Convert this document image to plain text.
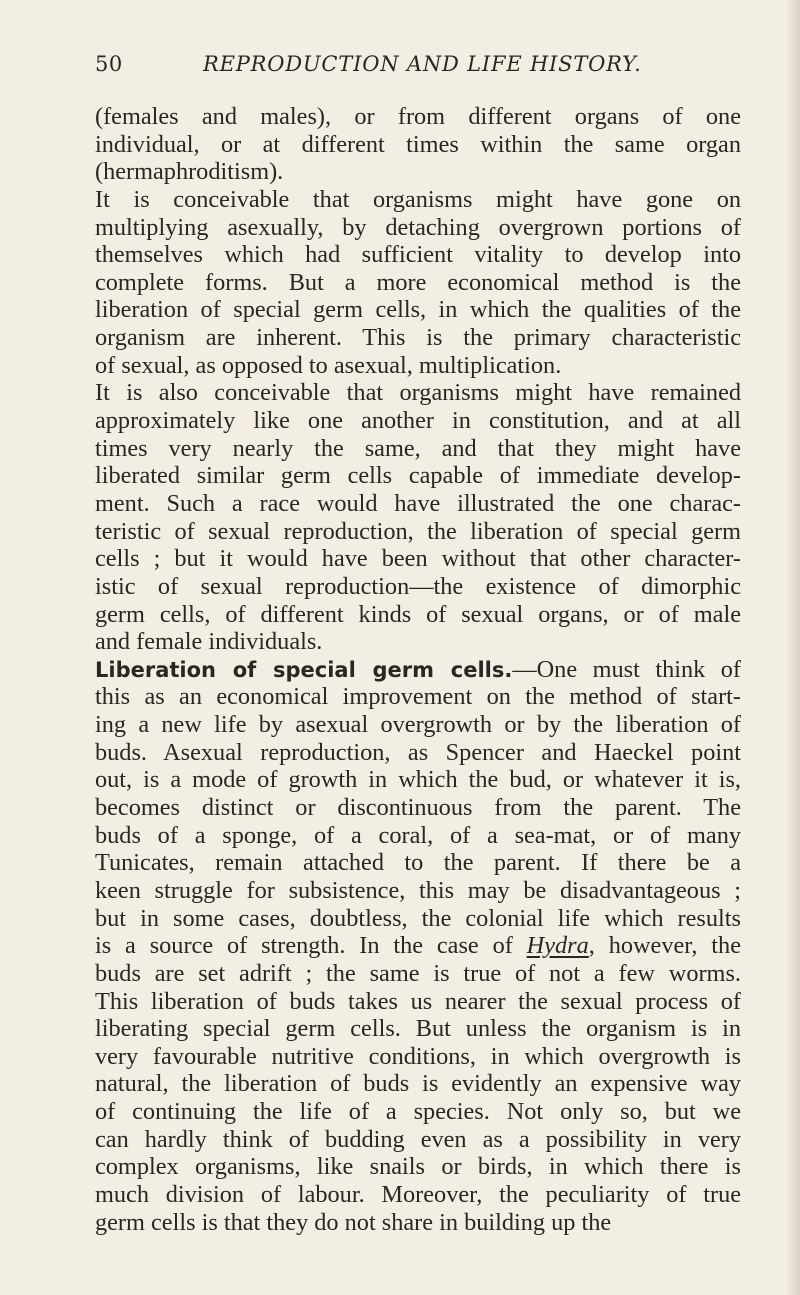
50	REPRODUCTION AND LIFE HISTORY.
(females and males), or from different organs of one
individual, or at different times within the same organ
(hermaphroditism).
It is conceivable that organisms might have gone on
multiplying asexually, by detaching overgrown portions of
themselves which had sufficient vitality to develop into
complete forms. But a more economical method is the
liberation of special germ cells, in which the qualities of the
organism are inherent. This is the primary characteristic
of sexual, as opposed to asexual, multiplication.
It is also conceivable that organisms might have remained
approximately like one another in constitution, and at all
times very nearly the same, and that they might have
liberated similar germ cells capable of immediate develop-
ment. Such a race would have illustrated the one charac-
teristic of sexual reproduction, the liberation of special germ
cells ; but it would have been without that other character-
istic of sexual reproduction—the existence of dimorphic
germ cells, of different kinds of sexual organs, or of male
and female individuals.
Liberation of special germ cells.—One must think of
this as an economical improvement on the method of start-
ing a new life by asexual overgrowth or by the liberation of
buds. Asexual reproduction, as Spencer and Haeckel point
out, is a mode of growth in which the bud, or whatever it is,
becomes distinct or discontinuous from the parent. The
buds of a sponge, of a coral, of a sea-mat, or of many
Tunicates, remain attached to the parent. If there be a
keen struggle for subsistence, this may be disadvantageous ;
but in some cases, doubtless, the colonial life which results
is a source of strength. In the case of Hydra, however, the
buds are set adrift ; the same is true of not a few worms.
This liberation of buds takes us nearer the sexual process of
liberating special germ cells. But unless the organism is in
very favourable nutritive conditions, in which overgrowth is
natural, the liberation of buds is evidently an expensive way
of continuing the life of a species. Not only so, but we
can hardly think of budding even as a possibility in very
complex organisms, like snails or birds, in which there is
much division of labour. Moreover, the peculiarity of true
germ cells is that they do not share in building up the
